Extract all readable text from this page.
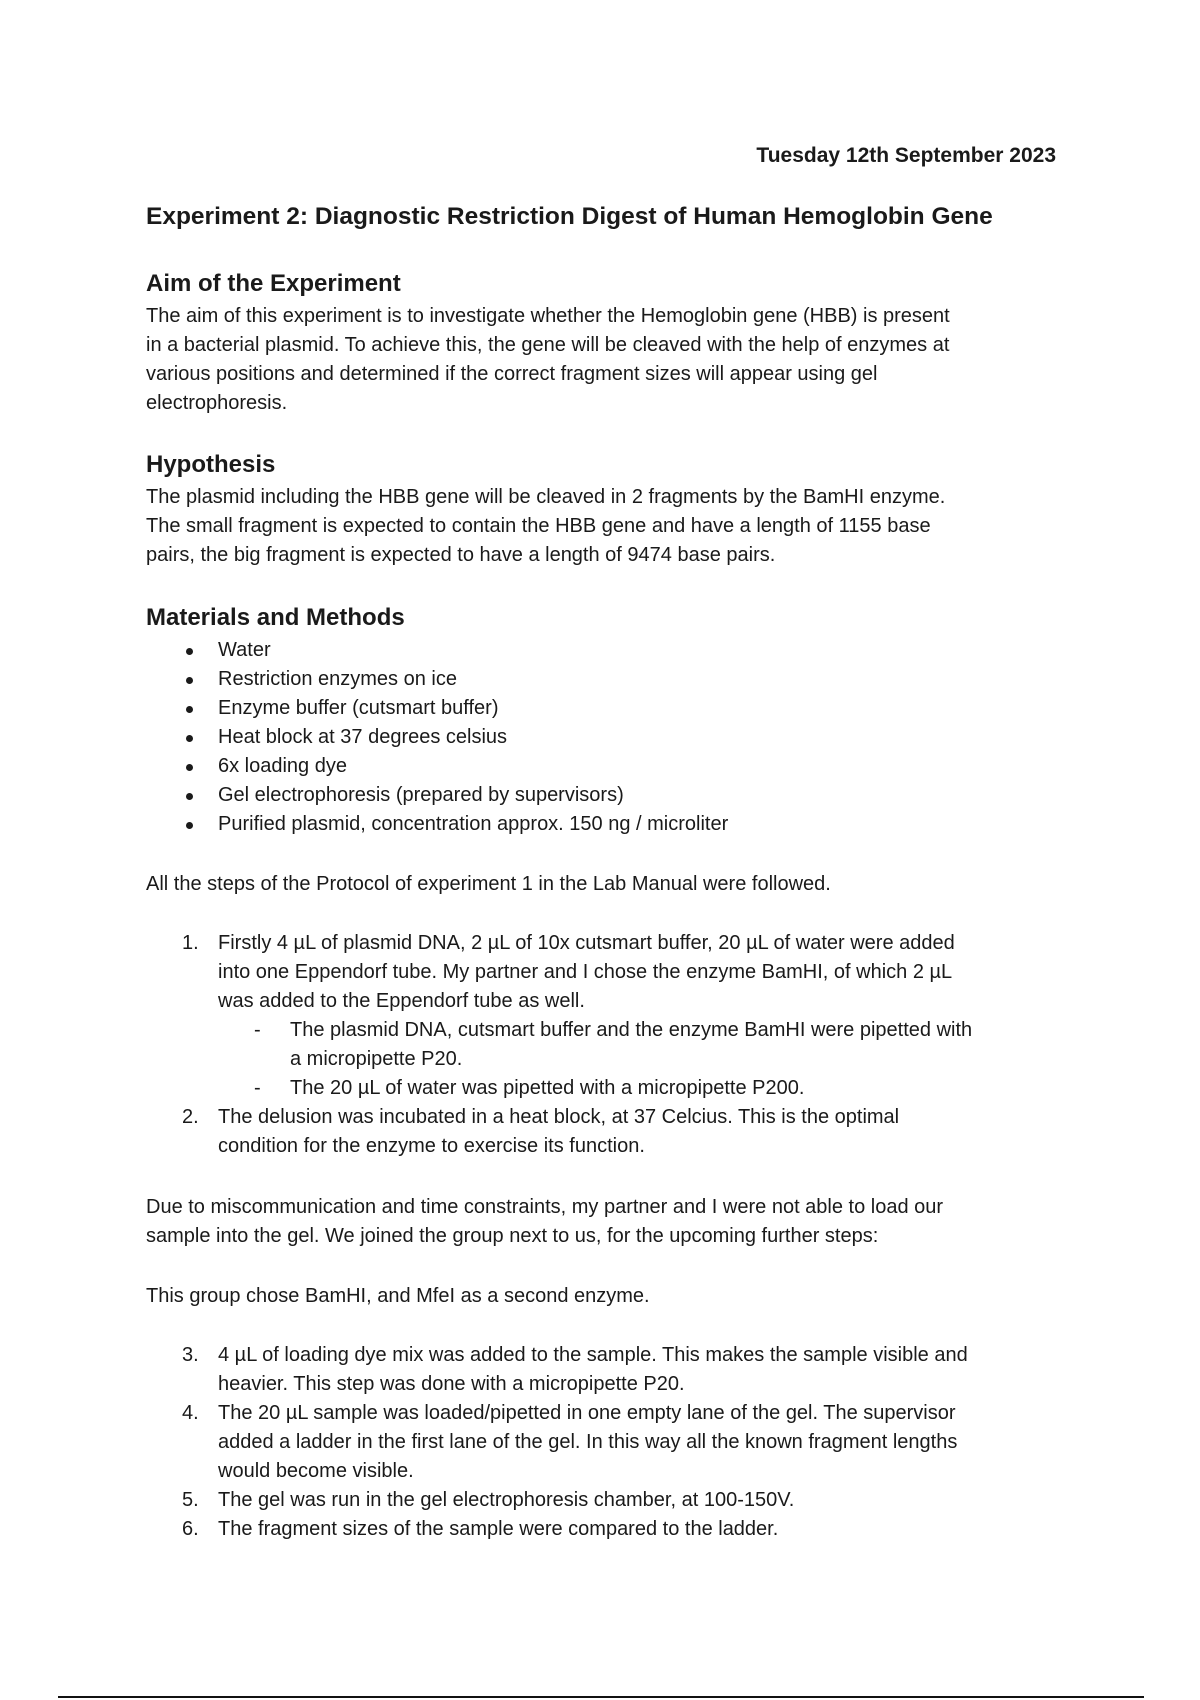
Tuesday 12th September 2023
Experiment 2: Diagnostic Restriction Digest of Human Hemoglobin Gene
Aim of the Experiment

The aim of this experiment is to investigate whether the Hemoglobin gene (HBB) is present

in a bacterial plasmid. To achieve this, the gene will be cleaved with the help of enzymes at

various positions and determined if the correct fragment sizes will appear using gel

electrophoresis.

Hypothesis

The plasmid including the HBB gene will be cleaved in 2 fragments by the BamHI enzyme.

The small fragment is expected to contain the HBB gene and have a length of 1155 base

pairs, the big fragment is expected to have a length of 9474 base pairs.

Materials and Methods
Water
Restriction enzymes on ice
Enzyme buffer (cutsmart buffer)
Heat block at 37 degrees celsius
6x loading dye
Gel electrophoresis (prepared by supervisors)
Purified plasmid, concentration approx. 150 ng / microliter

All the steps of the Protocol of experiment 1 in the Lab Manual were followed.

1. Firstly 4 µL of plasmid DNA, 2 µL of 10x cutsmart buffer, 20 µL of water were added
into one Eppendorf tube. My partner and I chose the enzyme BamHI, of which 2 µL
was added to the Eppendorf tube as well.
- The plasmid DNA, cutsmart buffer and the enzyme BamHI were pipetted with
a micropipette P20.
- The 20 µL of water was pipetted with a micropipette P200.
2. The delusion was incubated in a heat block, at 37 Celcius. This is the optimal
condition for the enzyme to exercise its function.

Due to miscommunication and time constraints, my partner and I were not able to load our

sample into the gel. We joined the group next to us, for the upcoming further steps:

This group chose BamHI, and MfeI as a second enzyme.

3. 4 µL of loading dye mix was added to the sample. This makes the sample visible and
heavier. This step was done with a micropipette P20.
4. The 20 µL sample was loaded/pipetted in one empty lane of the gel. The supervisor
added a ladder in the first lane of the gel. In this way all the known fragment lengths
would become visible.
5. The gel was run in the gel electrophoresis chamber, at 100-150V.
6. The fragment sizes of the sample were compared to the ladder.
